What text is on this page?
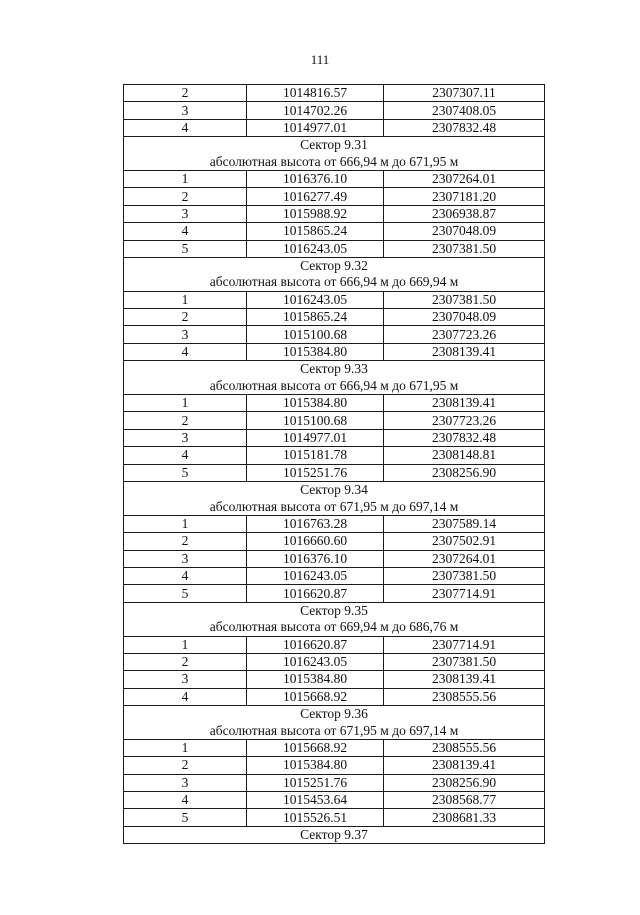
111
2	1014816.57	2307307.11
3	1014702.26	2307408.05
4	1014977.01	2307832.48
Сектор 9.31		
абсолютная высота от 666,94 м до 671,95 м		
1	1016376.10	2307264.01
2	1016277.49	2307181.20
3	1015988.92	2306938.87
4	1015865.24	2307048.09
5	1016243.05	2307381.50
Сектор 9.32		
абсолютная высота от 666,94 м до 669,94 м		
1	1016243.05	2307381.50
2	1015865.24	2307048.09
3	1015100.68	2307723.26
4	1015384.80	2308139.41
Сектор 9.33		
абсолютная высота от 666,94 м до 671,95 м		
1	1015384.80	2308139.41
2	1015100.68	2307723.26
3	1014977.01	2307832.48
4	1015181.78	2308148.81
5	1015251.76	2308256.90
Сектор 9.34		
абсолютная высота от 671,95 м до 697,14 м		
1	1016763.28	2307589.14
2	1016660.60	2307502.91
3	1016376.10	2307264.01
4	1016243.05	2307381.50
5	1016620.87	2307714.91
Сектор 9.35		
абсолютная высота от 669,94 м до 686,76 м		
1	1016620.87	2307714.91
2	1016243.05	2307381.50
3	1015384.80	2308139.41
4	1015668.92	2308555.56
Сектор 9.36		
абсолютная высота от 671,95 м до 697,14 м		
1	1015668.92	2308555.56
2	1015384.80	2308139.41
3	1015251.76	2308256.90
4	1015453.64	2308568.77
5	1015526.51	2308681.33
Сектор 9.37		
